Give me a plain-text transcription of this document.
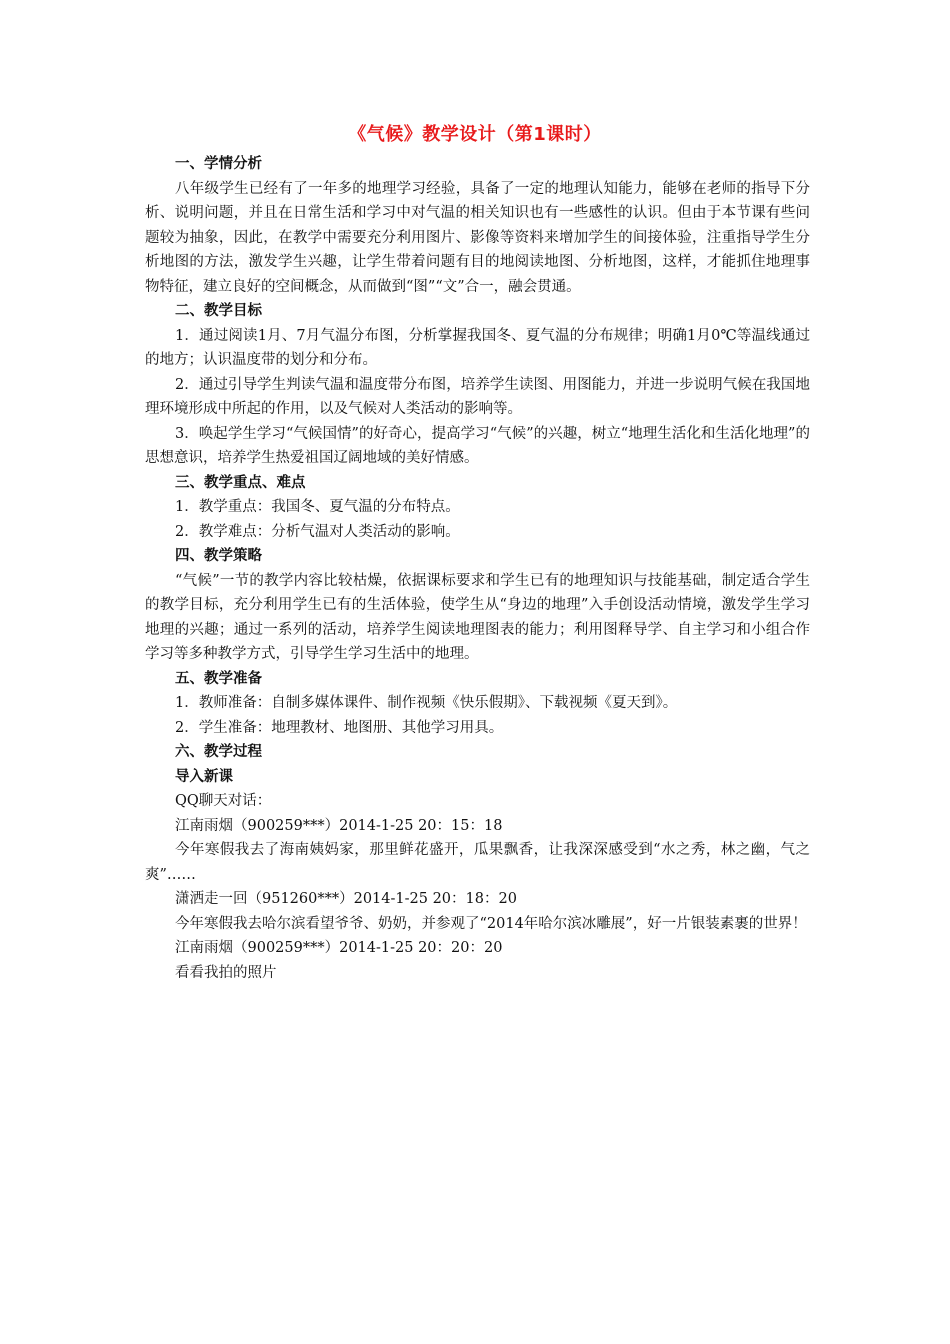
《气候》教学设计（第1课时）

一、学情分析

八年级学生已经有了一年多的地理学习经验，具备了一定的地理认知能力，能够在老师的指导下分析、说明问题，并且在日常生活和学习中对气温的相关知识也有一些感性的认识。但由于本节课有些问题较为抽象，因此，在教学中需要充分利用图片、影像等资料来增加学生的间接体验，注重指导学生分析地图的方法，激发学生兴趣，让学生带着问题有目的地阅读地图、分析地图，这样，才能抓住地理事物特征，建立良好的空间概念，从而做到“图”“文”合一，融会贯通。

二、教学目标

1．通过阅读1月、7月气温分布图，分析掌握我国冬、夏气温的分布规律；明确1月0℃等温线通过的地方；认识温度带的划分和分布。

2．通过引导学生判读气温和温度带分布图，培养学生读图、用图能力，并进一步说明气候在我国地理环境形成中所起的作用，以及气候对人类活动的影响等。

3．唤起学生学习“气候国情”的好奇心，提高学习“气候”的兴趣，树立“地理生活化和生活化地理”的思想意识，培养学生热爱祖国辽阔地域的美好情感。

三、教学重点、难点

1．教学重点：我国冬、夏气温的分布特点。

2．教学难点：分析气温对人类活动的影响。

四、教学策略

“气候”一节的教学内容比较枯燥，依据课标要求和学生已有的地理知识与技能基础，制定适合学生的教学目标，充分利用学生已有的生活体验，使学生从“身边的地理”入手创设活动情境，激发学生学习地理的兴趣；通过一系列的活动，培养学生阅读地理图表的能力；利用图释导学、自主学习和小组合作学习等多种教学方式，引导学生学习生活中的地理。

五、教学准备

1．教师准备：自制多媒体课件、制作视频《快乐假期》、下载视频《夏天到》。

2．学生准备：地理教材、地图册、其他学习用具。

六、教学过程

导入新课

QQ聊天对话：

江南雨烟（900259***）2014-1-25 20：15：18

今年寒假我去了海南姨妈家，那里鲜花盛开，瓜果飘香，让我深深感受到“水之秀，林之幽，气之爽”……

潇洒走一回（951260***）2014-1-25 20：18：20

今年寒假我去哈尔滨看望爷爷、奶奶，并参观了“2014年哈尔滨冰雕展”，好一片银装素裹的世界！

江南雨烟（900259***）2014-1-25 20：20：20

看看我拍的照片
